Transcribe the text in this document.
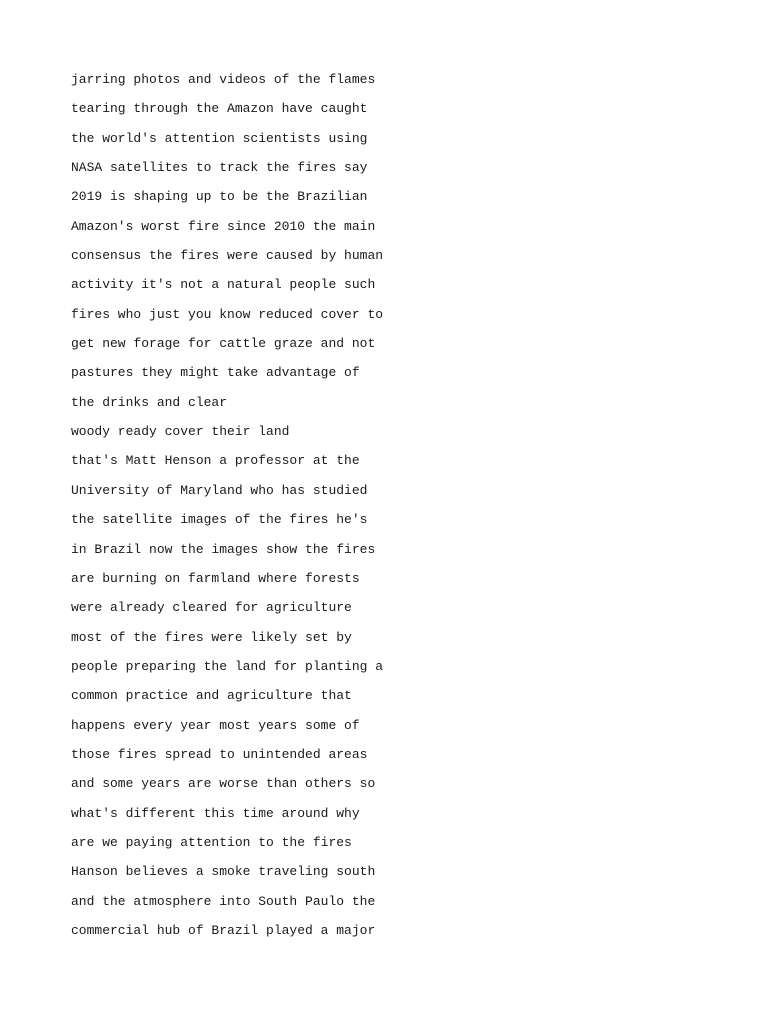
jarring photos and videos of the flames
tearing through the Amazon have caught
the world's attention scientists using
NASA satellites to track the fires say
2019 is shaping up to be the Brazilian
Amazon's worst fire since 2010 the main
consensus the fires were caused by human
activity it's not a natural people such
fires who just you know reduced cover to
get new forage for cattle graze and not
pastures they might take advantage of
the drinks and clear
woody ready cover their land
that's Matt Henson a professor at the
University of Maryland who has studied
the satellite images of the fires he's
in Brazil now the images show the fires
are burning on farmland where forests
were already cleared for agriculture
most of the fires were likely set by
people preparing the land for planting a
common practice and agriculture that
happens every year most years some of
those fires spread to unintended areas
and some years are worse than others so
what's different this time around why
are we paying attention to the fires
Hanson believes a smoke traveling south
and the atmosphere into South Paulo the
commercial hub of Brazil played a major
